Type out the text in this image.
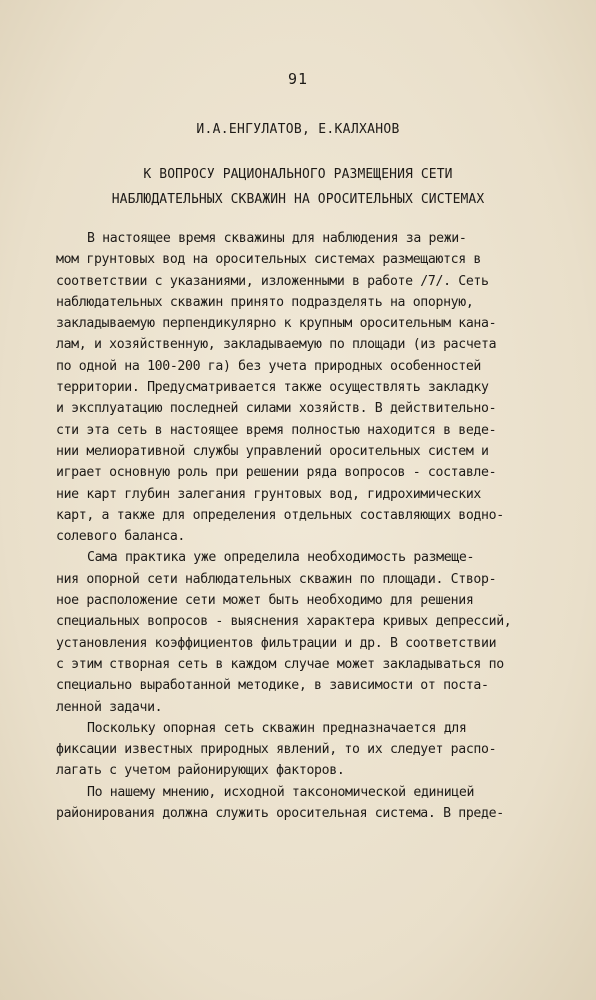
91
И.А.ЕНГУЛАТОВ, Е.КАЛХАНОВ
К ВОПРОСУ РАЦИОНАЛЬНОГО РАЗМЕЩЕНИЯ СЕТИ
НАБЛЮДАТЕЛЬНЫХ СКВАЖИН НА ОРОСИТЕЛЬНЫХ СИСТЕМАХ
В настоящее время скважины для наблюдения за режи-
мом грунтовых вод на оросительных системах размещаются в
соответствии с указаниями, изложенными в работе /7/. Сеть
наблюдательных скважин принято подразделять на опорную,
закладываемую перпендикулярно к крупным оросительным кана-
лам, и хозяйственную, закладываемую по площади (из расчета
по одной на 100-200 га) без учета природных особенностей
территории. Предусматривается также осуществлять закладку
и эксплуатацию последней силами хозяйств. В действительно-
сти эта сеть в настоящее время полностью находится в веде-
нии мелиоративной службы управлений оросительных систем и
играет основную роль при решении ряда вопросов - составле-
ние карт глубин залегания грунтовых вод, гидрохимических
карт, а также для определения отдельных составляющих водно-
солевого баланса.
Сама практика уже определила необходимость размеще-
ния опорной сети наблюдательных скважин по площади. Створ-
ное расположение сети может быть необходимо для решения
специальных вопросов - выяснения характера кривых депрессий,
установления коэффициентов фильтрации и др. В соответствии
с этим створная сеть в каждом случае может закладываться по
специально выработанной методике, в зависимости от поста-
ленной задачи.
Поскольку опорная сеть скважин предназначается для
фиксации известных природных явлений, то их следует распо-
лагать с учетом районирующих факторов.
По нашему мнению, исходной таксономической единицей
районирования должна служить оросительная система. В преде-
